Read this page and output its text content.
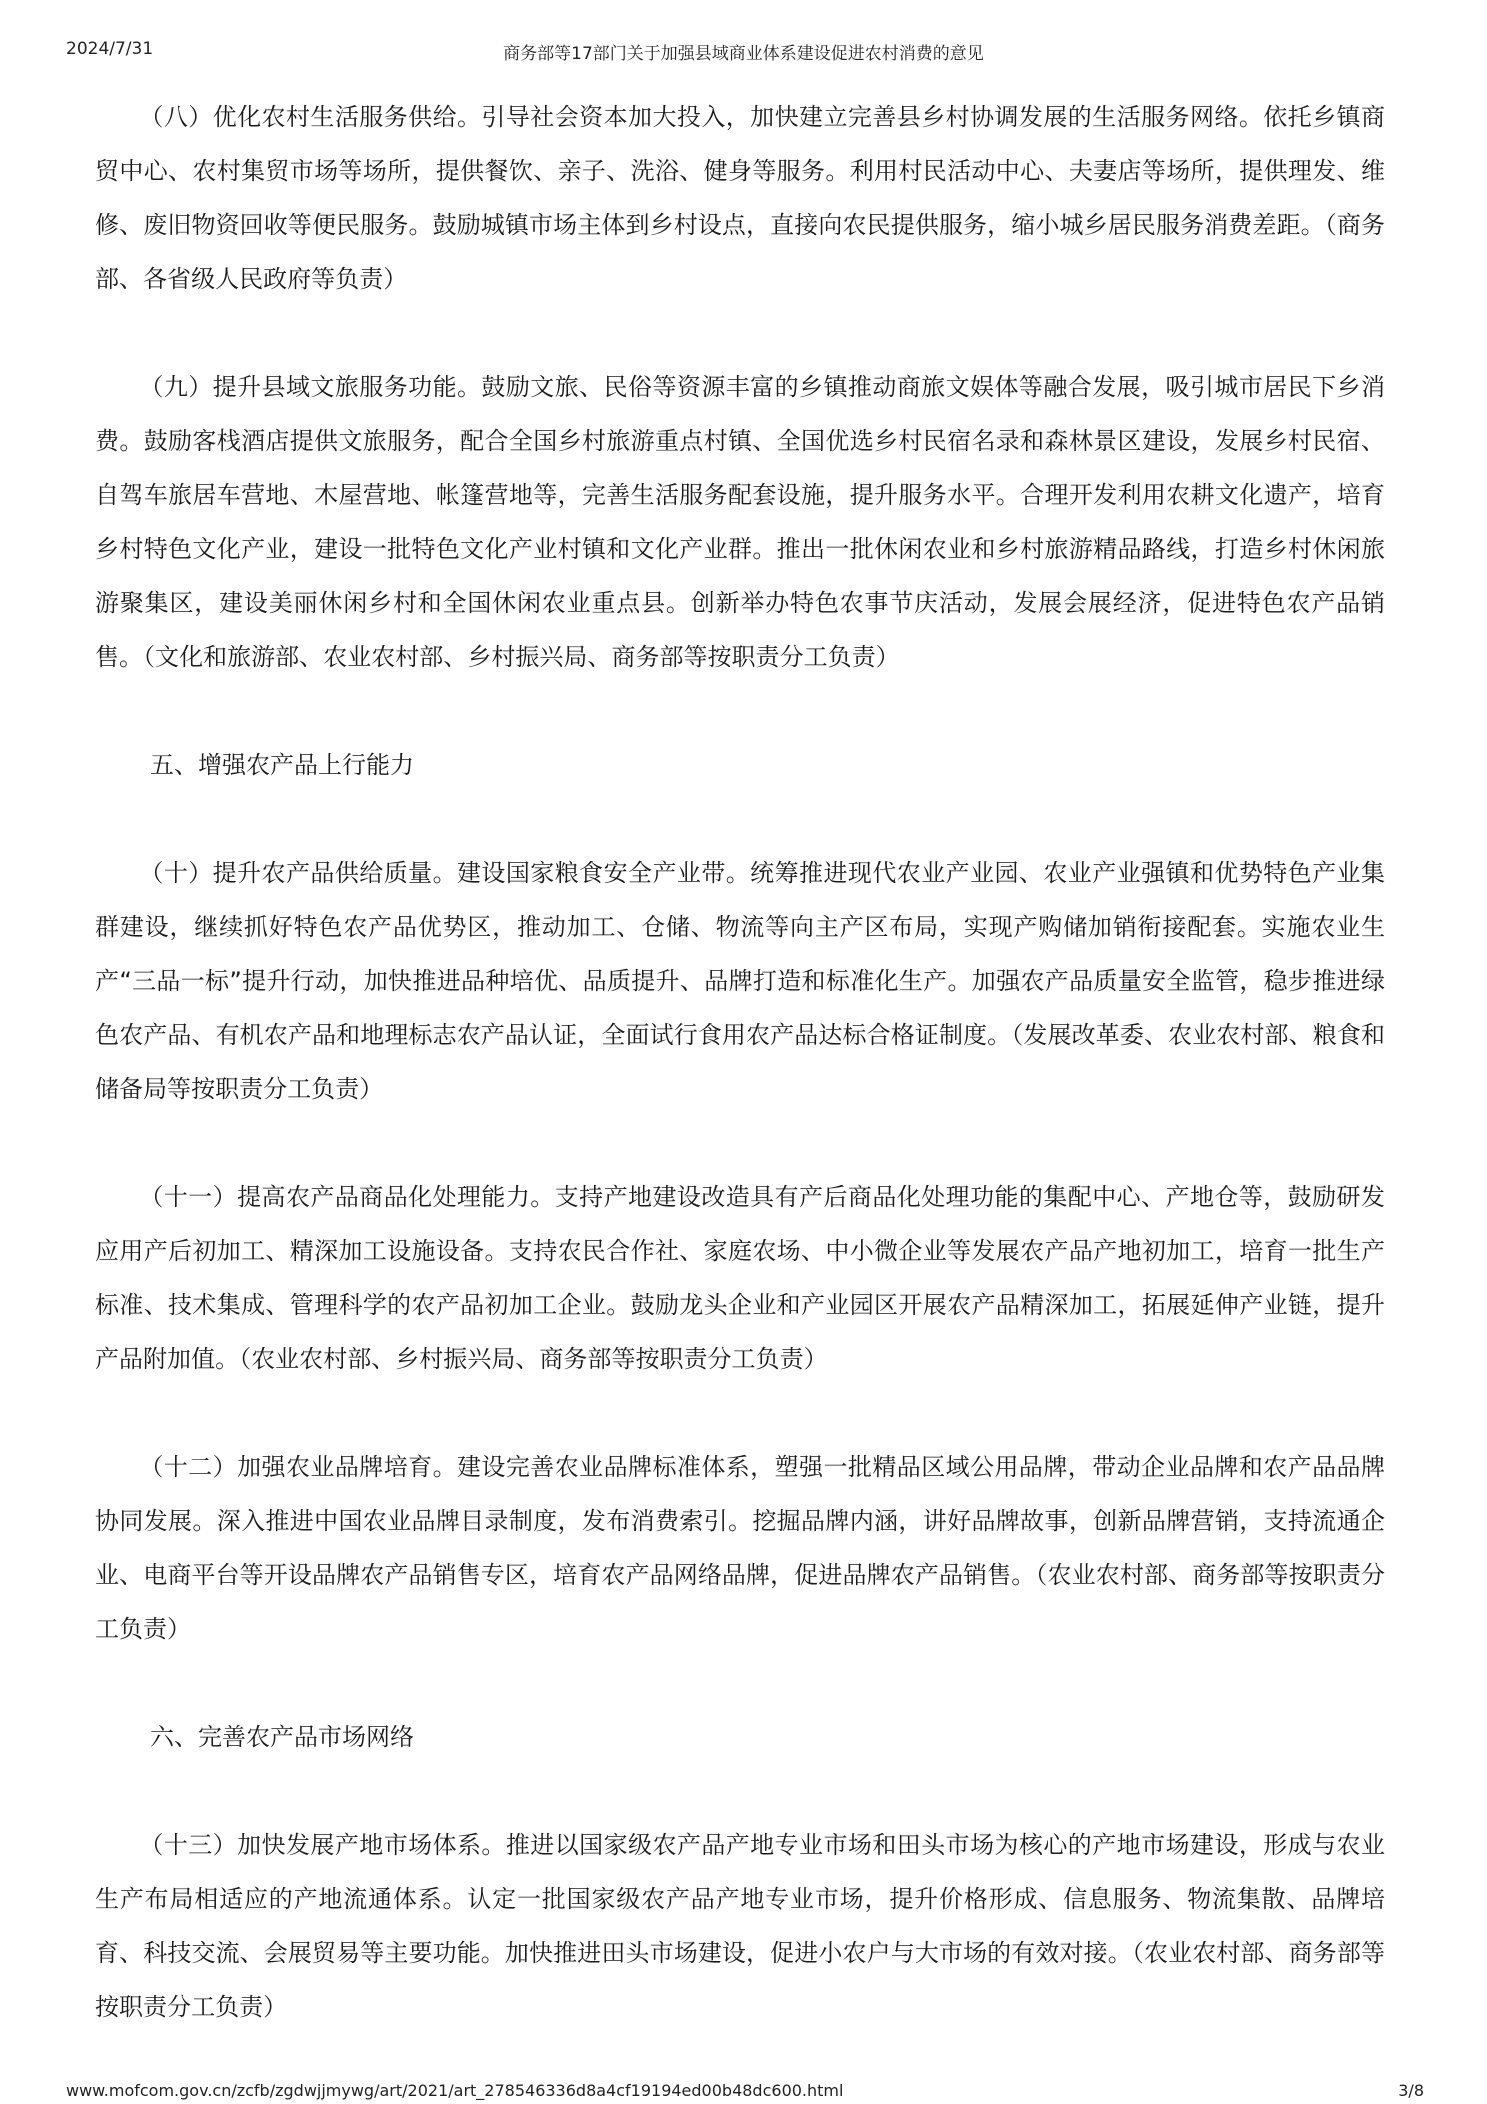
2024/7/31	商务部等17部门关于加强县域商业体系建设促进农村消费的意见

（八）优化农村生活服务供给。引导社会资本加大投入，加快建立完善县乡村协调发展的生活服务网络。依托乡镇商贸中心、农村集贸市场等场所，提供餐饮、亲子、洗浴、健身等服务。利用村民活动中心、夫妻店等场所，提供理发、维修、废旧物资回收等便民服务。鼓励城镇市场主体到乡村设点，直接向农民提供服务，缩小城乡居民服务消费差距。（商务部、各省级人民政府等负责）

（九）提升县域文旅服务功能。鼓励文旅、民俗等资源丰富的乡镇推动商旅文娱体等融合发展，吸引城市居民下乡消费。鼓励客栈酒店提供文旅服务，配合全国乡村旅游重点村镇、全国优选乡村民宿名录和森林景区建设，发展乡村民宿、自驾车旅居车营地、木屋营地、帐篷营地等，完善生活服务配套设施，提升服务水平。合理开发利用农耕文化遗产，培育乡村特色文化产业，建设一批特色文化产业村镇和文化产业群。推出一批休闲农业和乡村旅游精品路线，打造乡村休闲旅游聚集区，建设美丽休闲乡村和全国休闲农业重点县。创新举办特色农事节庆活动，发展会展经济，促进特色农产品销售。（文化和旅游部、农业农村部、乡村振兴局、商务部等按职责分工负责）

五、增强农产品上行能力

（十）提升农产品供给质量。建设国家粮食安全产业带。统筹推进现代农业产业园、农业产业强镇和优势特色产业集群建设，继续抓好特色农产品优势区，推动加工、仓储、物流等向主产区布局，实现产购储加销衔接配套。实施农业生产“三品一标”提升行动，加快推进品种培优、品质提升、品牌打造和标准化生产。加强农产品质量安全监管，稳步推进绿色农产品、有机农产品和地理标志农产品认证，全面试行食用农产品达标合格证制度。（发展改革委、农业农村部、粮食和储备局等按职责分工负责）

（十一）提高农产品商品化处理能力。支持产地建设改造具有产后商品化处理功能的集配中心、产地仓等，鼓励研发应用产后初加工、精深加工设施设备。支持农民合作社、家庭农场、中小微企业等发展农产品产地初加工，培育一批生产标准、技术集成、管理科学的农产品初加工企业。鼓励龙头企业和产业园区开展农产品精深加工，拓展延伸产业链，提升产品附加值。（农业农村部、乡村振兴局、商务部等按职责分工负责）

（十二）加强农业品牌培育。建设完善农业品牌标准体系，塑强一批精品区域公用品牌，带动企业品牌和农产品品牌协同发展。深入推进中国农业品牌目录制度，发布消费索引。挖掘品牌内涵，讲好品牌故事，创新品牌营销，支持流通企业、电商平台等开设品牌农产品销售专区，培育农产品网络品牌，促进品牌农产品销售。（农业农村部、商务部等按职责分工负责）

六、完善农产品市场网络

（十三）加快发展产地市场体系。推进以国家级农产品产地专业市场和田头市场为核心的产地市场建设，形成与农业生产布局相适应的产地流通体系。认定一批国家级农产品产地专业市场，提升价格形成、信息服务、物流集散、品牌培育、科技交流、会展贸易等主要功能。加快推进田头市场建设，促进小农户与大市场的有效对接。（农业农村部、商务部等按职责分工负责）

www.mofcom.gov.cn/zcfb/zgdwjjmywg/art/2021/art_278546336d8a4cf19194ed00b48dc600.html	3/8
